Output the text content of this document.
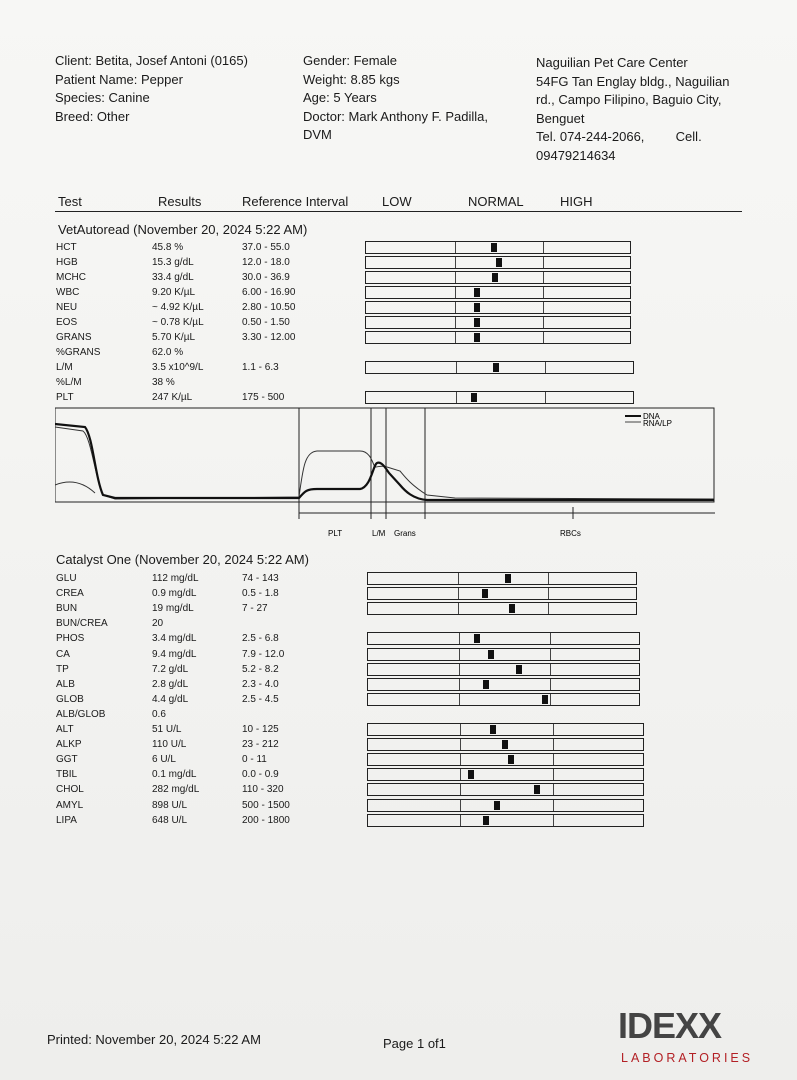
Client: Betita, Josef Antoni (0165)
Patient Name: Pepper
Species: Canine
Breed: Other
Gender: Female
Weight: 8.85 kgs
Age: 5 Years
Doctor: Mark Anthony F. Padilla,
DVM
Naguilian Pet Care Center
54FG Tan Englay bldg., Naguilian
rd., Campo Filipino, Baguio City,
Benguet
Tel. 074-244-2066, Cell.
09479214634
Test	Results	Reference Interval	LOW	NORMAL	HIGH
VetAutoread (November 20, 2024 5:22 AM)
HCT	45.8 %	37.0 - 55.0
HGB	15.3 g/dL	12.0 - 18.0
MCHC	33.4 g/dL	30.0 - 36.9
WBC	9.20 K/µL	6.00 - 16.90
NEU	~ 4.92 K/µL	2.80 - 10.50
EOS	~ 0.78 K/µL	0.50 - 1.50
GRANS	5.70 K/µL	3.30 - 12.00
%GRANS	62.0 %
L/M	3.5 x10^9/L	1.1 - 6.3
%L/M	38 %
PLT	247 K/µL	175 - 500
DNA
RNA/LP
PLT	L/M Grans	RBCs
Catalyst One (November 20, 2024 5:22 AM)
GLU	112 mg/dL	74 - 143
CREA	0.9 mg/dL	0.5 - 1.8
BUN	19 mg/dL	7 - 27
BUN/CREA	20
PHOS	3.4 mg/dL	2.5 - 6.8
CA	9.4 mg/dL	7.9 - 12.0
TP	7.2 g/dL	5.2 - 8.2
ALB	2.8 g/dL	2.3 - 4.0
GLOB	4.4 g/dL	2.5 - 4.5
ALB/GLOB	0.6
ALT	51 U/L	10 - 125
ALKP	110 U/L	23 - 212
GGT	6 U/L	0 - 11
TBIL	0.1 mg/dL	0.0 - 0.9
CHOL	282 mg/dL	110 - 320
AMYL	898 U/L	500 - 1500
LIPA	648 U/L	200 - 1800
Printed: November 20, 2024 5:22 AM	Page 1 of1	IDEXX
LABORATORIES
